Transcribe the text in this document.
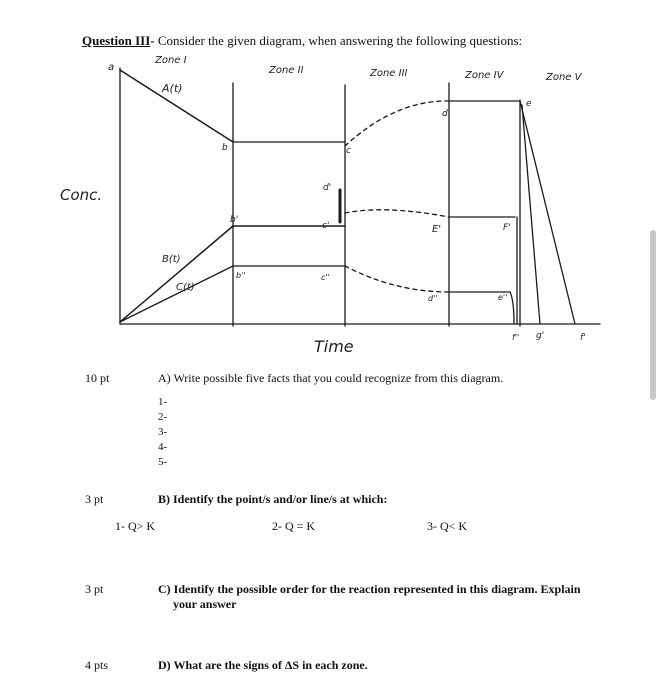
Question III- Consider the given diagram, when answering the following questions:
Conc.
Time
Zone I
Zone II	Zone III	Zone IV	Zone V
A(t)
B(t)
C(t)
a
b	c
d
e
b'
c'
d'
E'	F'
b''	c''
d''	e''
f'' g'	f'
10 pt	A) Write possible five facts that you could recognize from this diagram.
1-
2-
3-
4-
5-
3 pt	B) Identify the point/s and/or line/s at which:
1- Q> K	2- Q = K	3- Q< K
3 pt	C) Identify the possible order for the reaction represented in this diagram. Explain
your answer
4 pts	D) What are the signs of ΔS in each zone.
